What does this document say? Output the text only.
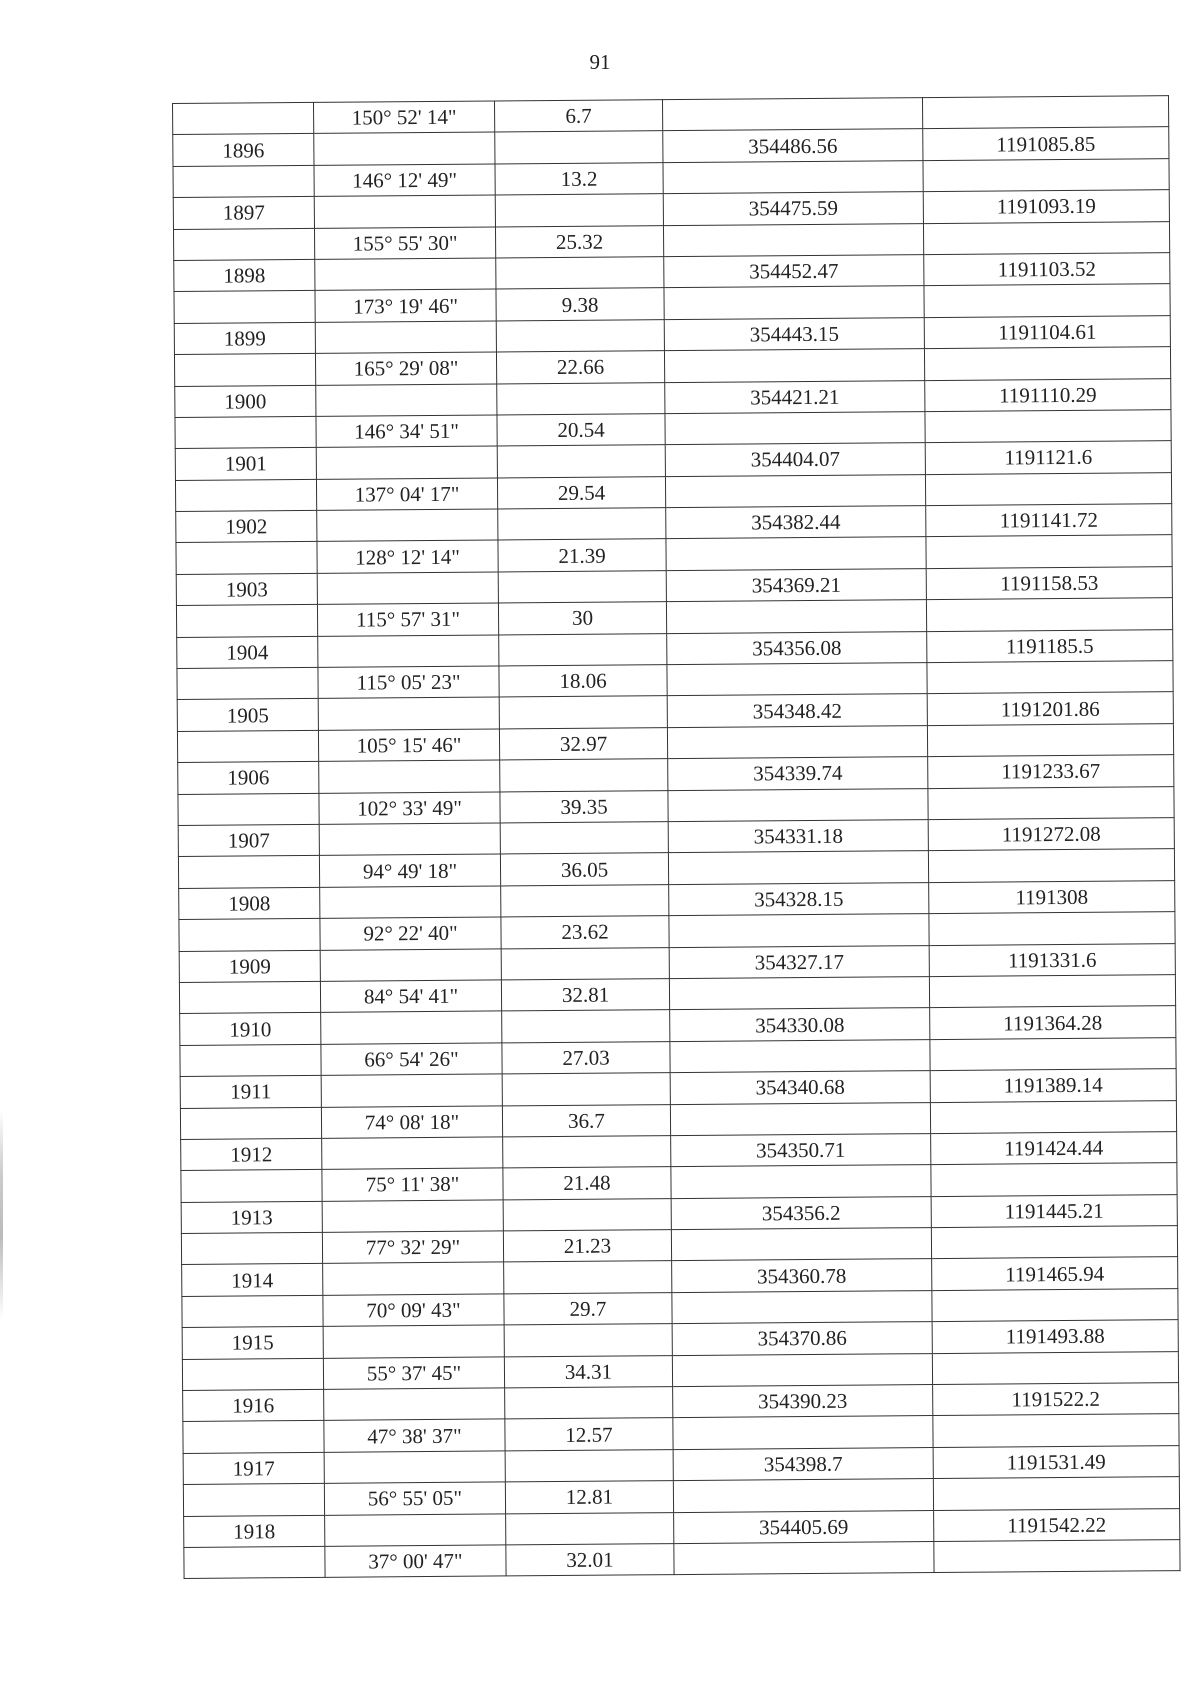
91
	150° 52' 14"	6.7		
1896			354486.56	1191085.85
	146° 12' 49"	13.2		
1897			354475.59	1191093.19
	155° 55' 30"	25.32		
1898			354452.47	1191103.52
	173° 19' 46"	9.38		
1899			354443.15	1191104.61
	165° 29' 08"	22.66		
1900			354421.21	1191110.29
	146° 34' 51"	20.54		
1901			354404.07	1191121.6
	137° 04' 17"	29.54		
1902			354382.44	1191141.72
	128° 12' 14"	21.39		
1903			354369.21	1191158.53
	115° 57' 31"	30		
1904			354356.08	1191185.5
	115° 05' 23"	18.06		
1905			354348.42	1191201.86
	105° 15' 46"	32.97		
1906			354339.74	1191233.67
	102° 33' 49"	39.35		
1907			354331.18	1191272.08
	94° 49' 18"	36.05		
1908			354328.15	1191308
	92° 22' 40"	23.62		
1909			354327.17	1191331.6
	84° 54' 41"	32.81		
1910			354330.08	1191364.28
	66° 54' 26"	27.03		
1911			354340.68	1191389.14
	74° 08' 18"	36.7		
1912			354350.71	1191424.44
	75° 11' 38"	21.48		
1913			354356.2	1191445.21
	77° 32' 29"	21.23		
1914			354360.78	1191465.94
	70° 09' 43"	29.7		
1915			354370.86	1191493.88
	55° 37' 45"	34.31		
1916			354390.23	1191522.2
	47° 38' 37"	12.57		
1917			354398.7	1191531.49
	56° 55' 05"	12.81		
1918			354405.69	1191542.22
	37° 00' 47"	32.01		
